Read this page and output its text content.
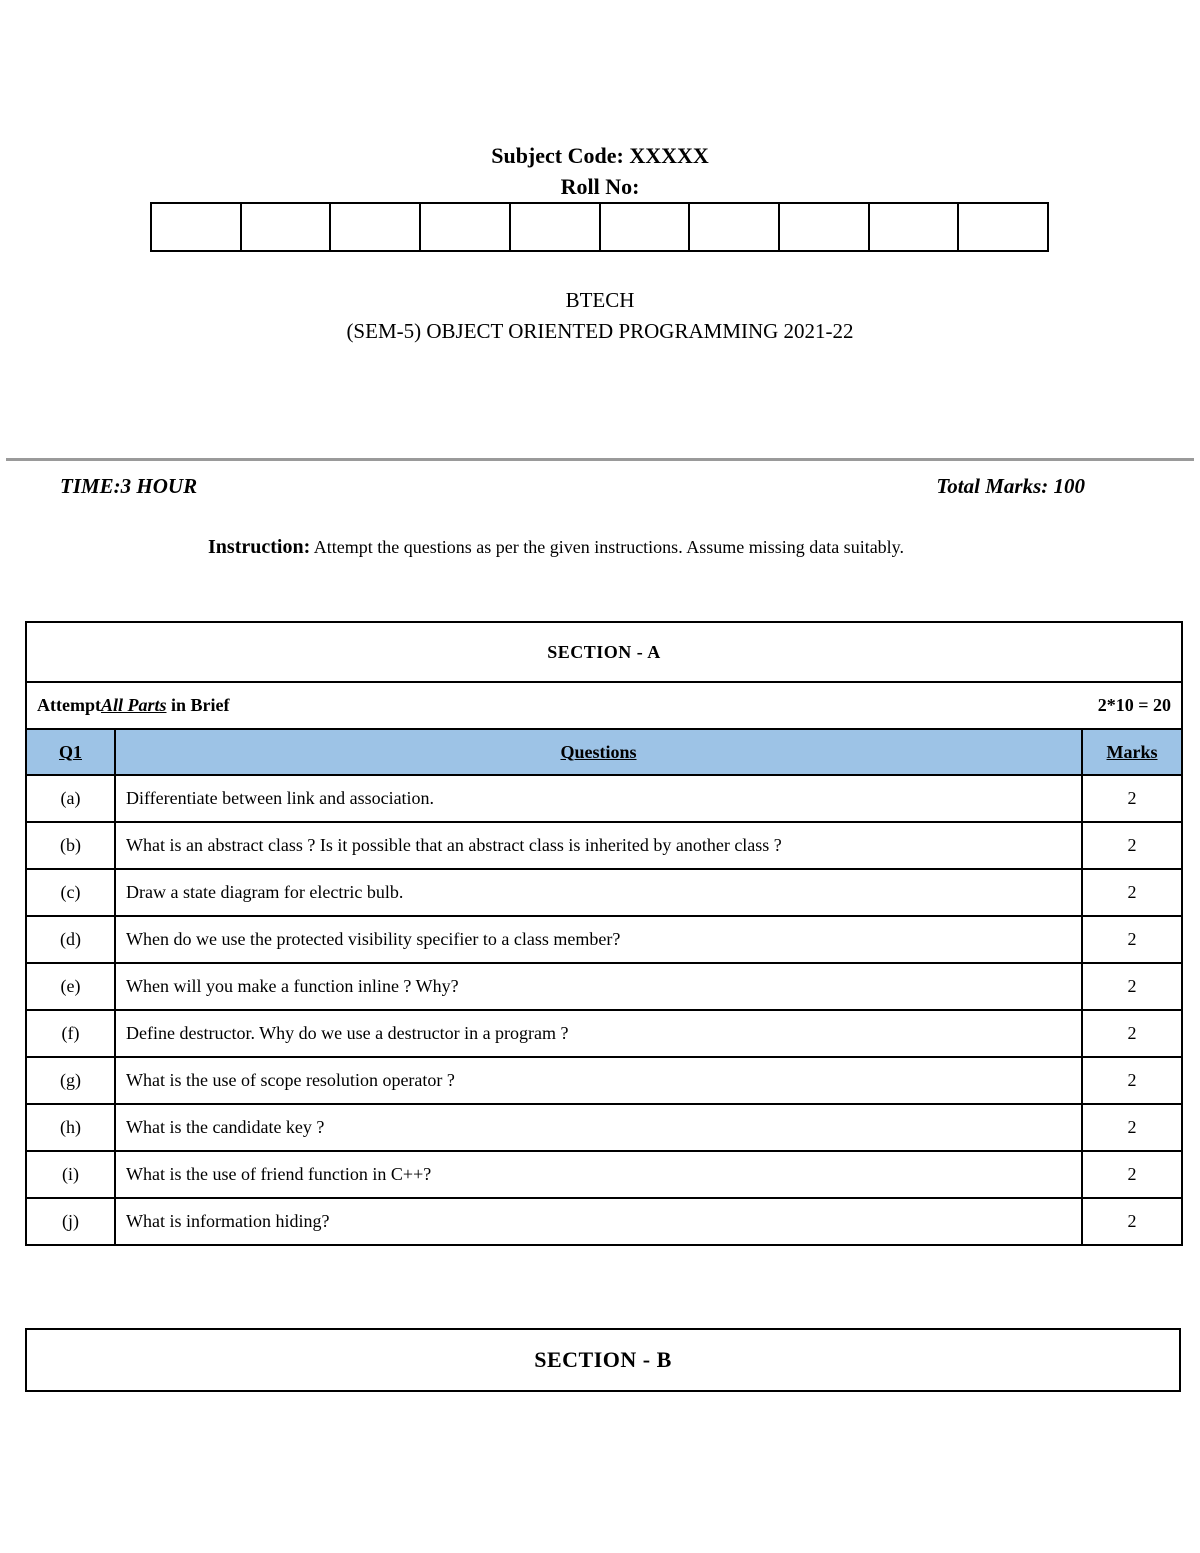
Subject Code: XXXXX
Roll No:
BTECH
(SEM-5) OBJECT ORIENTED PROGRAMMING 2021-22
TIME:3 HOUR	Total Marks: 100
Instruction: Attempt the questions as per the given instructions. Assume missing data suitably.
SECTION - A		
AttemptAll Parts in Brief 2*10 = 20		

Q1	Questions	Marks
(a)	Differentiate between link and association.	2
(b)	What is an abstract class ? Is it possible that an abstract class is inherited by another class ?	2
(c)	Draw a state diagram for electric bulb.	2
(d)	When do we use the protected visibility specifier to a class member?	2
(e)	When will you make a function inline ? Why?	2
(f)	Define destructor. Why do we use a destructor in a program ?	2
(g)	What is the use of scope resolution operator ?	2
(h)	What is the candidate key ?	2
(i)	What is the use of friend function in C++?	2
(j)	What is information hiding?	2
SECTION - B
